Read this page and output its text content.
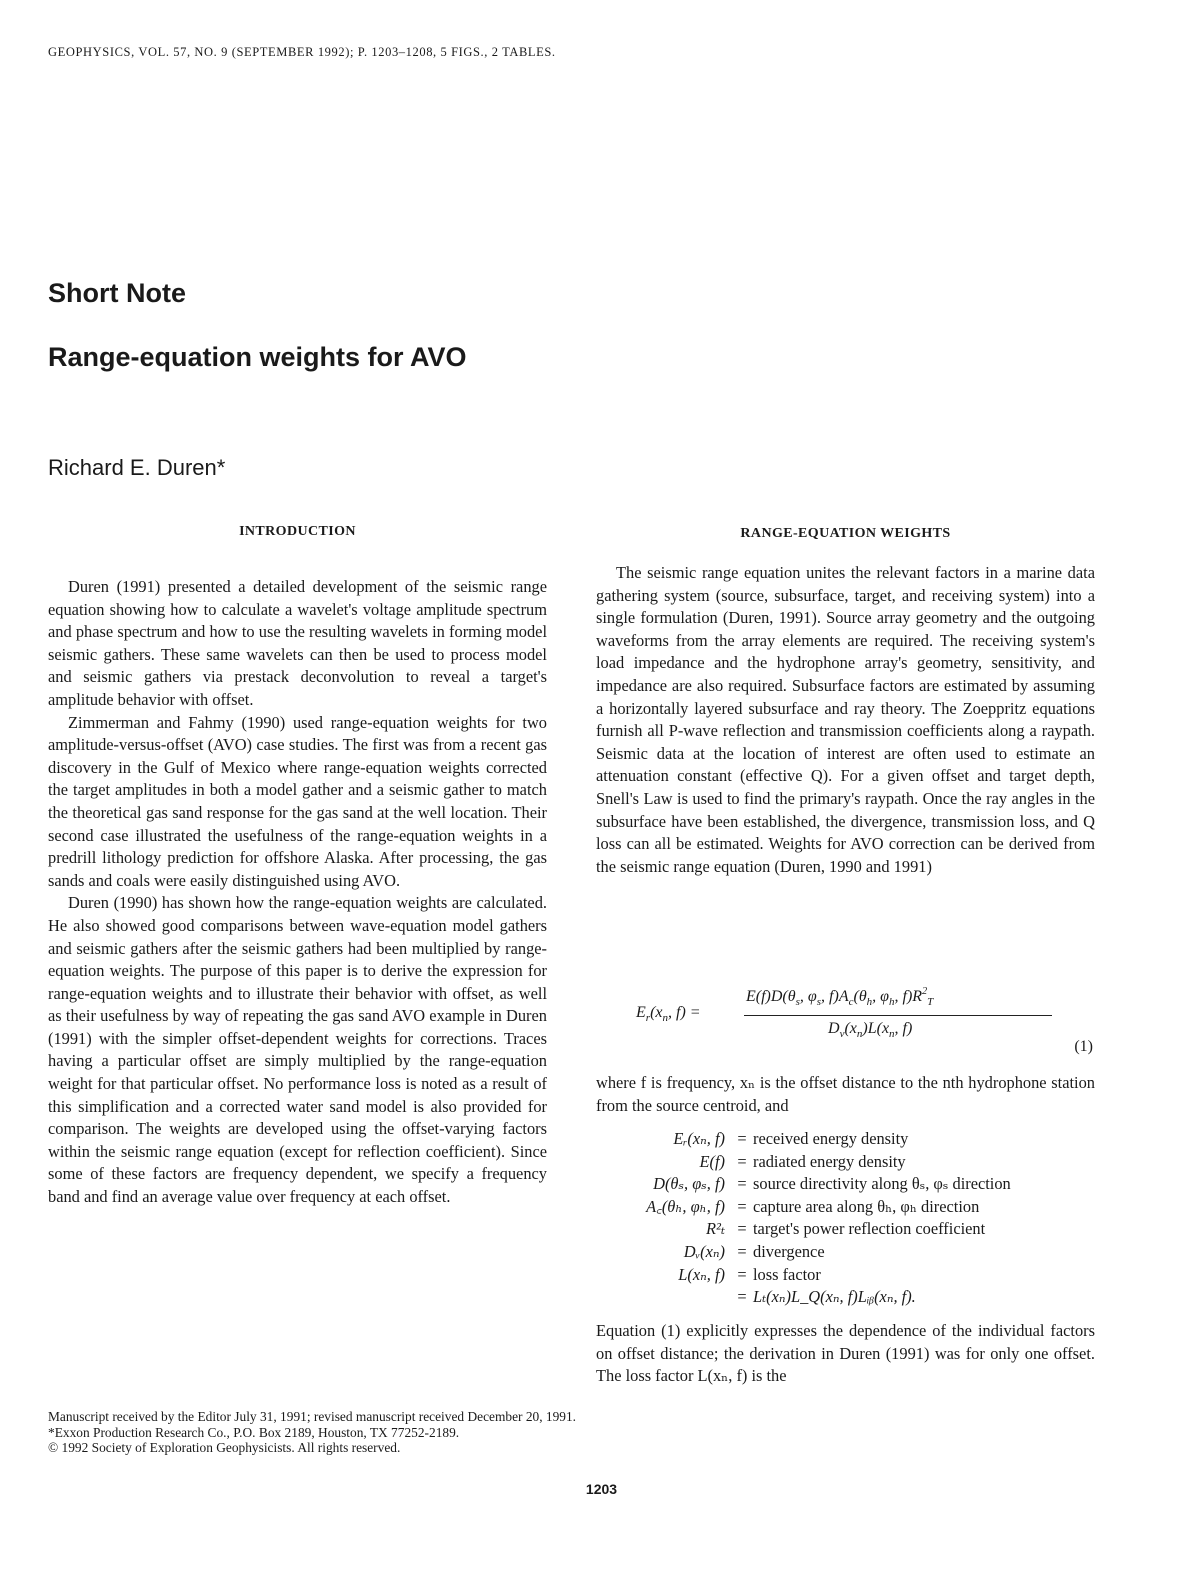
GEOPHYSICS, VOL. 57, NO. 9 (SEPTEMBER 1992); P. 1203–1208, 5 FIGS., 2 TABLES.
Short Note
Range-equation weights for AVO
Richard E. Duren*
INTRODUCTION

Duren (1991) presented a detailed development of the seismic range equation showing how to calculate a wavelet's voltage amplitude spectrum and phase spectrum and how to use the resulting wavelets in forming model seismic gathers. These same wavelets can then be used to process model and seismic gathers via prestack deconvolution to reveal a target's amplitude behavior with offset.

Zimmerman and Fahmy (1990) used range-equation weights for two amplitude-versus-offset (AVO) case studies. The first was from a recent gas discovery in the Gulf of Mexico where range-equation weights corrected the target amplitudes in both a model gather and a seismic gather to match the theoretical gas sand response for the gas sand at the well location. Their second case illustrated the usefulness of the range-equation weights in a predrill lithology prediction for offshore Alaska. After processing, the gas sands and coals were easily distinguished using AVO.

Duren (1990) has shown how the range-equation weights are calculated. He also showed good comparisons between wave-equation model gathers and seismic gathers after the seismic gathers had been multiplied by range-equation weights. The purpose of this paper is to derive the expression for range-equation weights and to illustrate their behavior with offset, as well as their usefulness by way of repeating the gas sand AVO example in Duren (1991) with the simpler offset-dependent weights for corrections. Traces having a particular offset are simply multiplied by the range-equation weight for that particular offset. No performance loss is noted as a result of this simplification and a corrected water sand model is also provided for comparison. The weights are developed using the offset-varying factors within the seismic range equation (except for reflection coefficient). Since some of these factors are frequency dependent, we specify a frequency band and find an average value over frequency at each offset.

RANGE-EQUATION WEIGHTS

The seismic range equation unites the relevant factors in a marine data gathering system (source, subsurface, target, and receiving system) into a single formulation (Duren, 1991). Source array geometry and the outgoing waveforms from the array elements are required. The receiving system's load impedance and the hydrophone array's geometry, sensitivity, and impedance are also required. Subsurface factors are estimated by assuming a horizontally layered subsurface and ray theory. The Zoeppritz equations furnish all P-wave reflection and transmission coefficients along a raypath. Seismic data at the location of interest are often used to estimate an attenuation constant (effective Q). For a given offset and target depth, Snell's Law is used to find the primary's raypath. Once the ray angles in the subsurface have been established, the divergence, transmission loss, and Q loss can all be estimated. Weights for AVO correction can be derived from the seismic range equation (Duren, 1990 and 1991)

$E_r(x_n$, f) =
$E(f)D(\theta_s$, $\varphi_s$, $f)A_c(\theta_h$, $\varphi_h$, $f)R^2_T$
$D_v(x_n)L(x_n$, f)
(1)

where f is frequency, xₙ is the offset distance to the nth hydrophone station from the source centroid, and

Eᵣ(xₙ, f) = received energy density
E(f) = radiated energy density
D(θₛ, φₛ, f) = source directivity along θₛ, φₛ direction
A꜀(θₕ, φₕ, f) = capture area along θₕ, φₕ direction
R²ₜ = target's power reflection coefficient
Dᵥ(xₙ) = divergence
L(xₙ, f) = loss factor
= Lₜ(xₙ)L_Q(xₙ, f)Lᵢᵦ(xₙ, f).

Equation (1) explicitly expresses the dependence of the individual factors on offset distance; the derivation in Duren (1991) was for only one offset. The loss factor L(xₙ, f) is the

Manuscript received by the Editor July 31, 1991; revised manuscript received December 20, 1991.
*Exxon Production Research Co., P.O. Box 2189, Houston, TX 77252-2189.
© 1992 Society of Exploration Geophysicists. All rights reserved.
1203
